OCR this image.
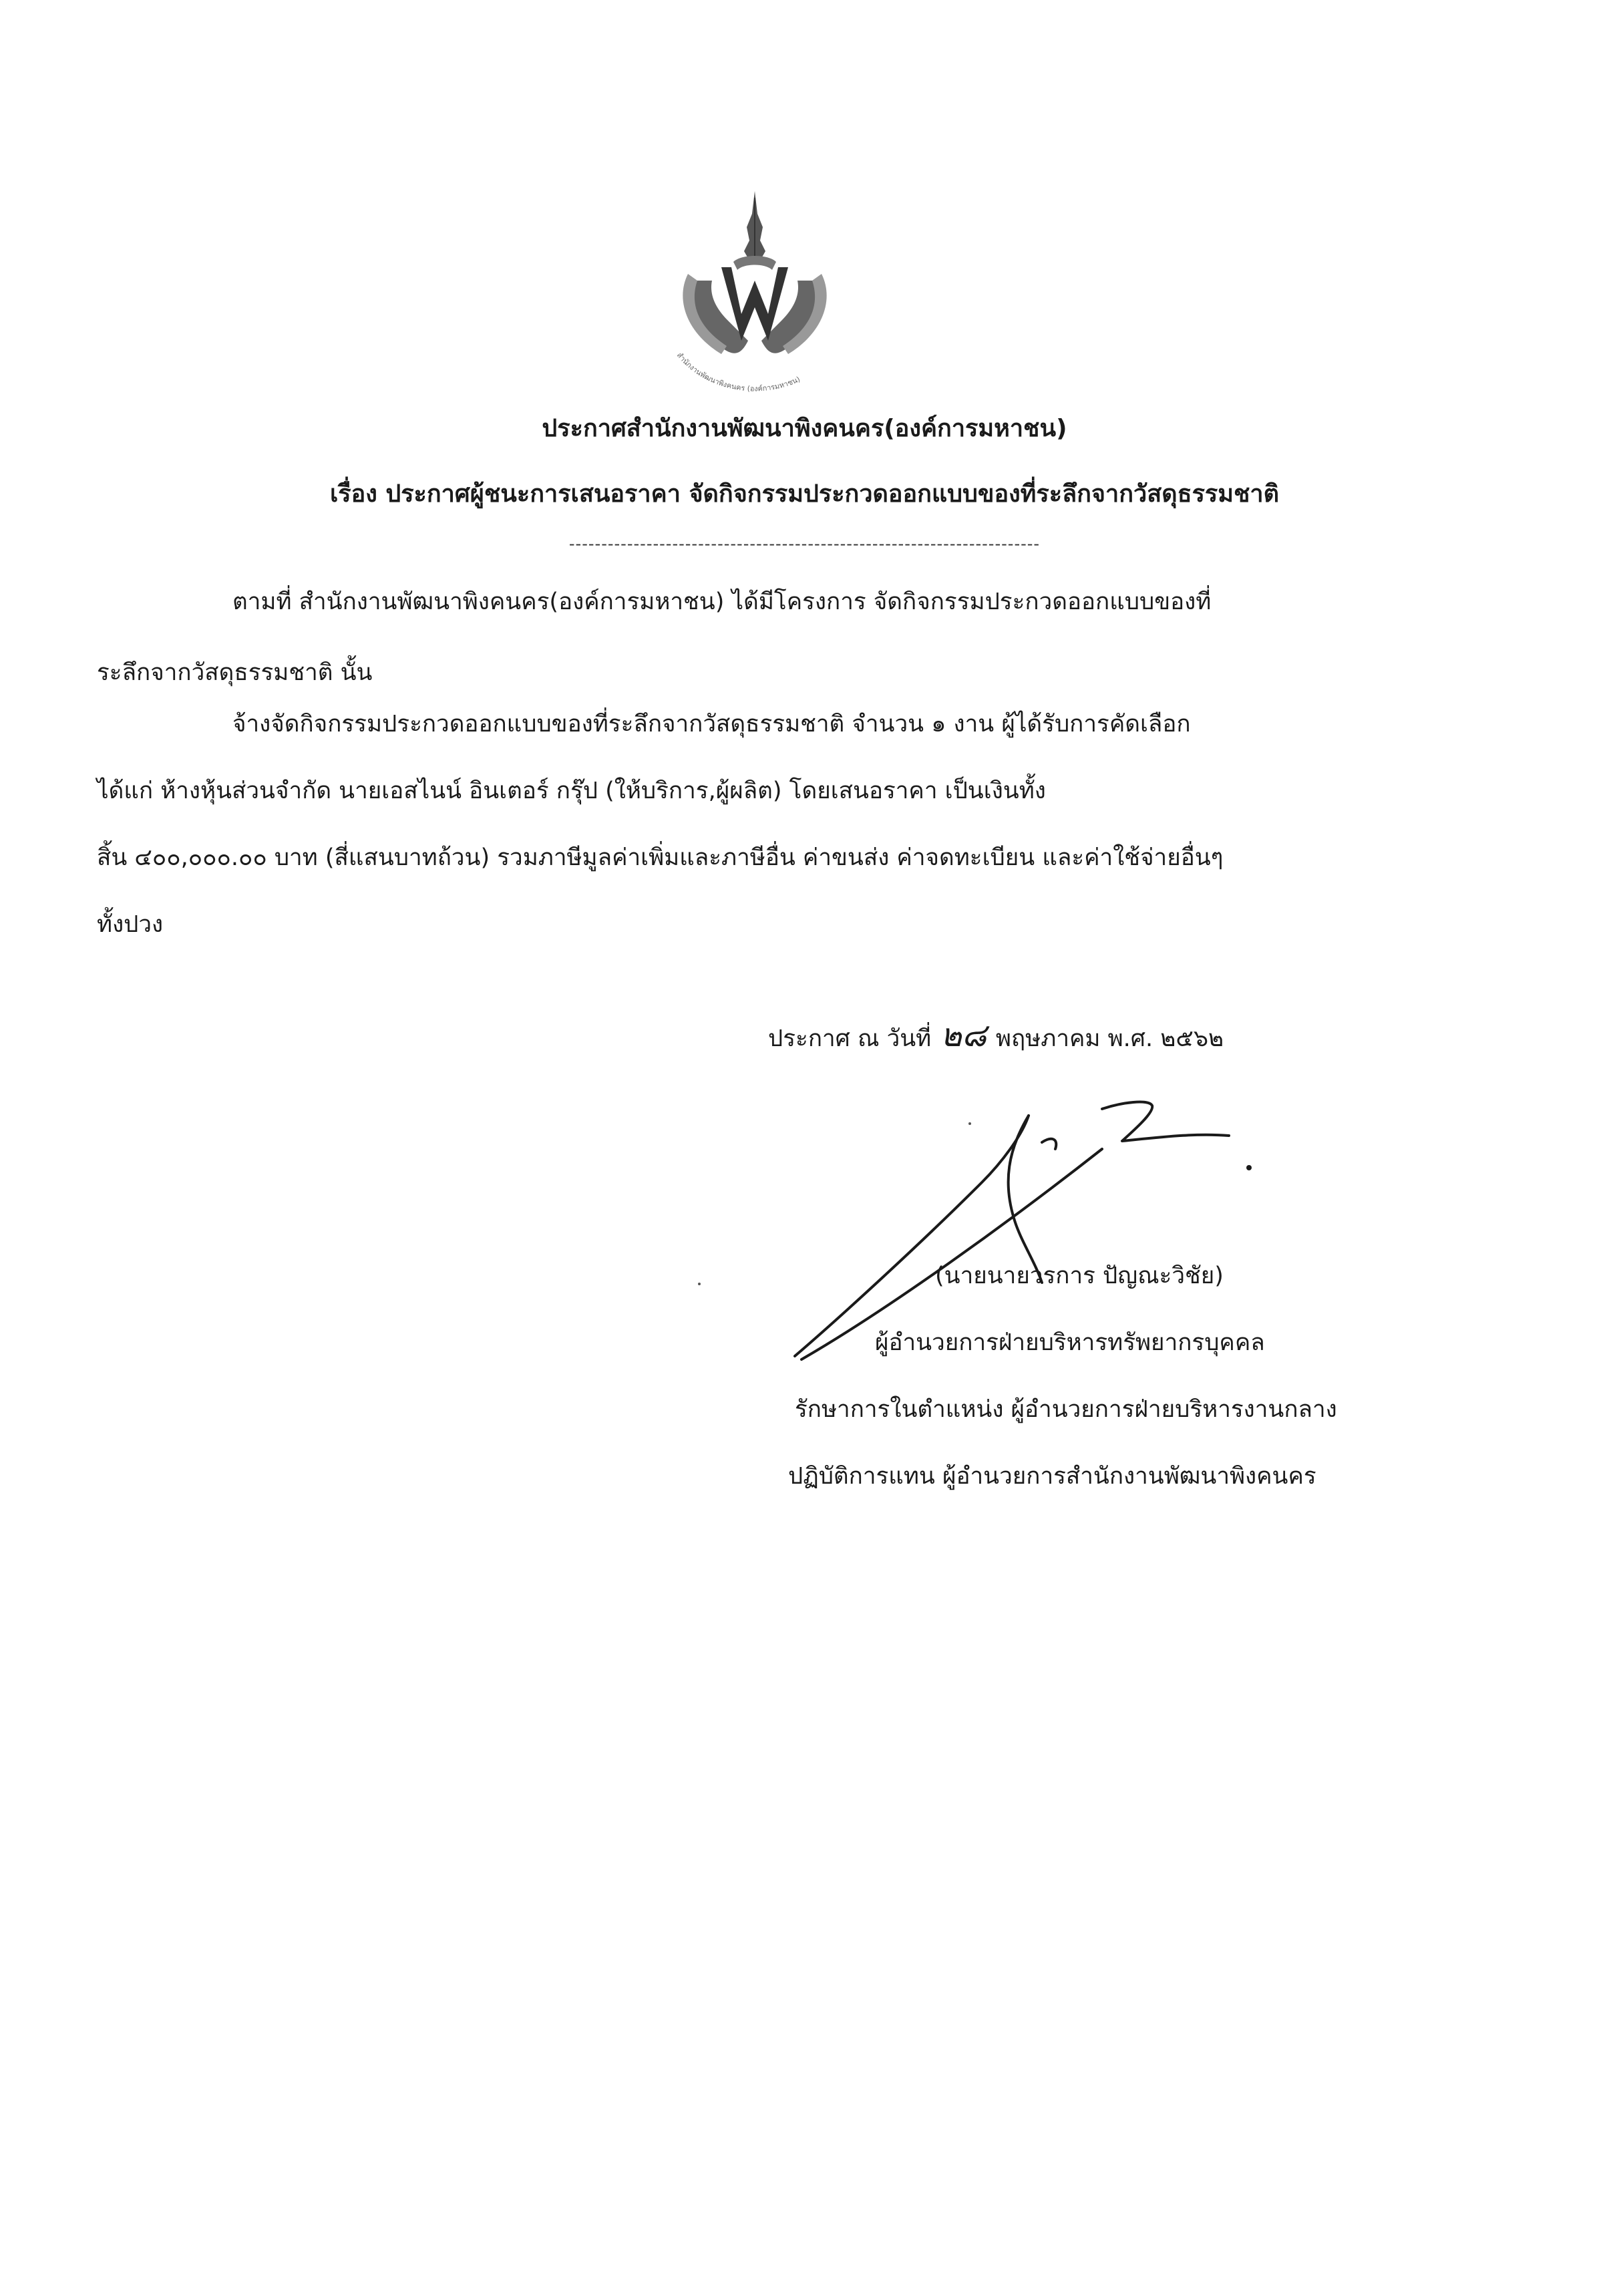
สำนักงานพัฒนาพิงคนคร (องค์การมหาชน)
ประกาศสำนักงานพัฒนาพิงคนคร(องค์การมหาชน)
เรื่อง ประกาศผู้ชนะการเสนอราคา จัดกิจกรรมประกวดออกแบบของที่ระลึกจากวัสดุธรรมชาติ
-------------------------------------------------------------------------
ตามที่ สำนักงานพัฒนาพิงคนคร(องค์การมหาชน) ได้มีโครงการ จัดกิจกรรมประกวดออกแบบของที่
ระลึกจากวัสดุธรรมชาติ นั้น
จ้างจัดกิจกรรมประกวดออกแบบของที่ระลึกจากวัสดุธรรมชาติ จำนวน ๑ งาน ผู้ได้รับการคัดเลือก
ได้แก่ ห้างหุ้นส่วนจำกัด นายเอสไนน์ อินเตอร์ กรุ๊ป (ให้บริการ,ผู้ผลิต) โดยเสนอราคา เป็นเงินทั้ง
สิ้น ๔๐๐,๐๐๐.๐๐ บาท (สี่แสนบาทถ้วน) รวมภาษีมูลค่าเพิ่มและภาษีอื่น ค่าขนส่ง ค่าจดทะเบียน และค่าใช้จ่ายอื่นๆ
ทั้งปวง
ประกาศ ณ วันที่ ๒๘ พฤษภาคม พ.ศ. ๒๕๖๒
(นายนายวรการ ปัญณะวิชัย)
ผู้อำนวยการฝ่ายบริหารทรัพยากรบุคคล
รักษาการในตำแหน่ง ผู้อำนวยการฝ่ายบริหารงานกลาง
ปฏิบัติการแทน ผู้อำนวยการสำนักงานพัฒนาพิงคนคร
